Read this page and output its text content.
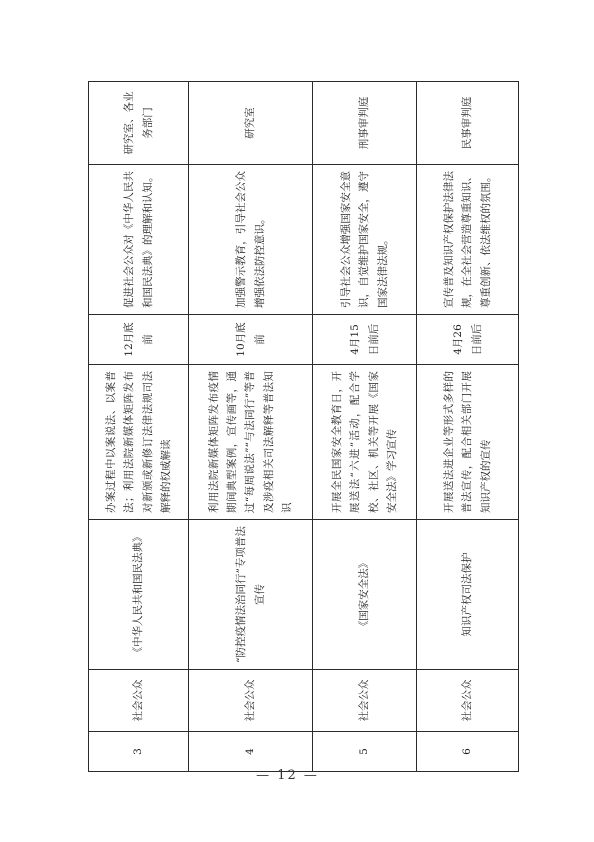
3	社会公众	《中华人民共和国民法典》	办案过程中以案说法、以案普法；利用法院新媒体矩阵发布对新颁或新修订法律法规司法解释的权威解读	12月底前	促进社会公众对《中华人民共和国民法典》的理解和认知。	研究室、各业务部门
4	社会公众	“防控疫情法治同行”专项普法宣传	利用法院新媒体矩阵发布疫情期间典型案例，宣传画等，通过“每周说法”“与法同行”等普及涉疫相关司法解释等普法知识	10月底前	加强警示教育，引导社会公众增强依法防控意识。	研究室
5	社会公众	《国家安全法》	开展全民国家安全教育日，开展送法“六进”活动，配合学校、社区、机关等开展《国家安全法》学习宣传	4月15日前后	引导社会公众增强国家安全意识，自觉维护国家安全，遵守国家法律法规。	刑事审判庭
6	社会公众	知识产权司法保护	开展送法进企业等形式多样的普法宣传，配合相关部门开展知识产权的宣传	4月26日前后	宣传普及知识产权保护法律法规，在全社会营造尊重知识、尊重创新、依法维权的氛围。	民事审判庭
— 12 —
